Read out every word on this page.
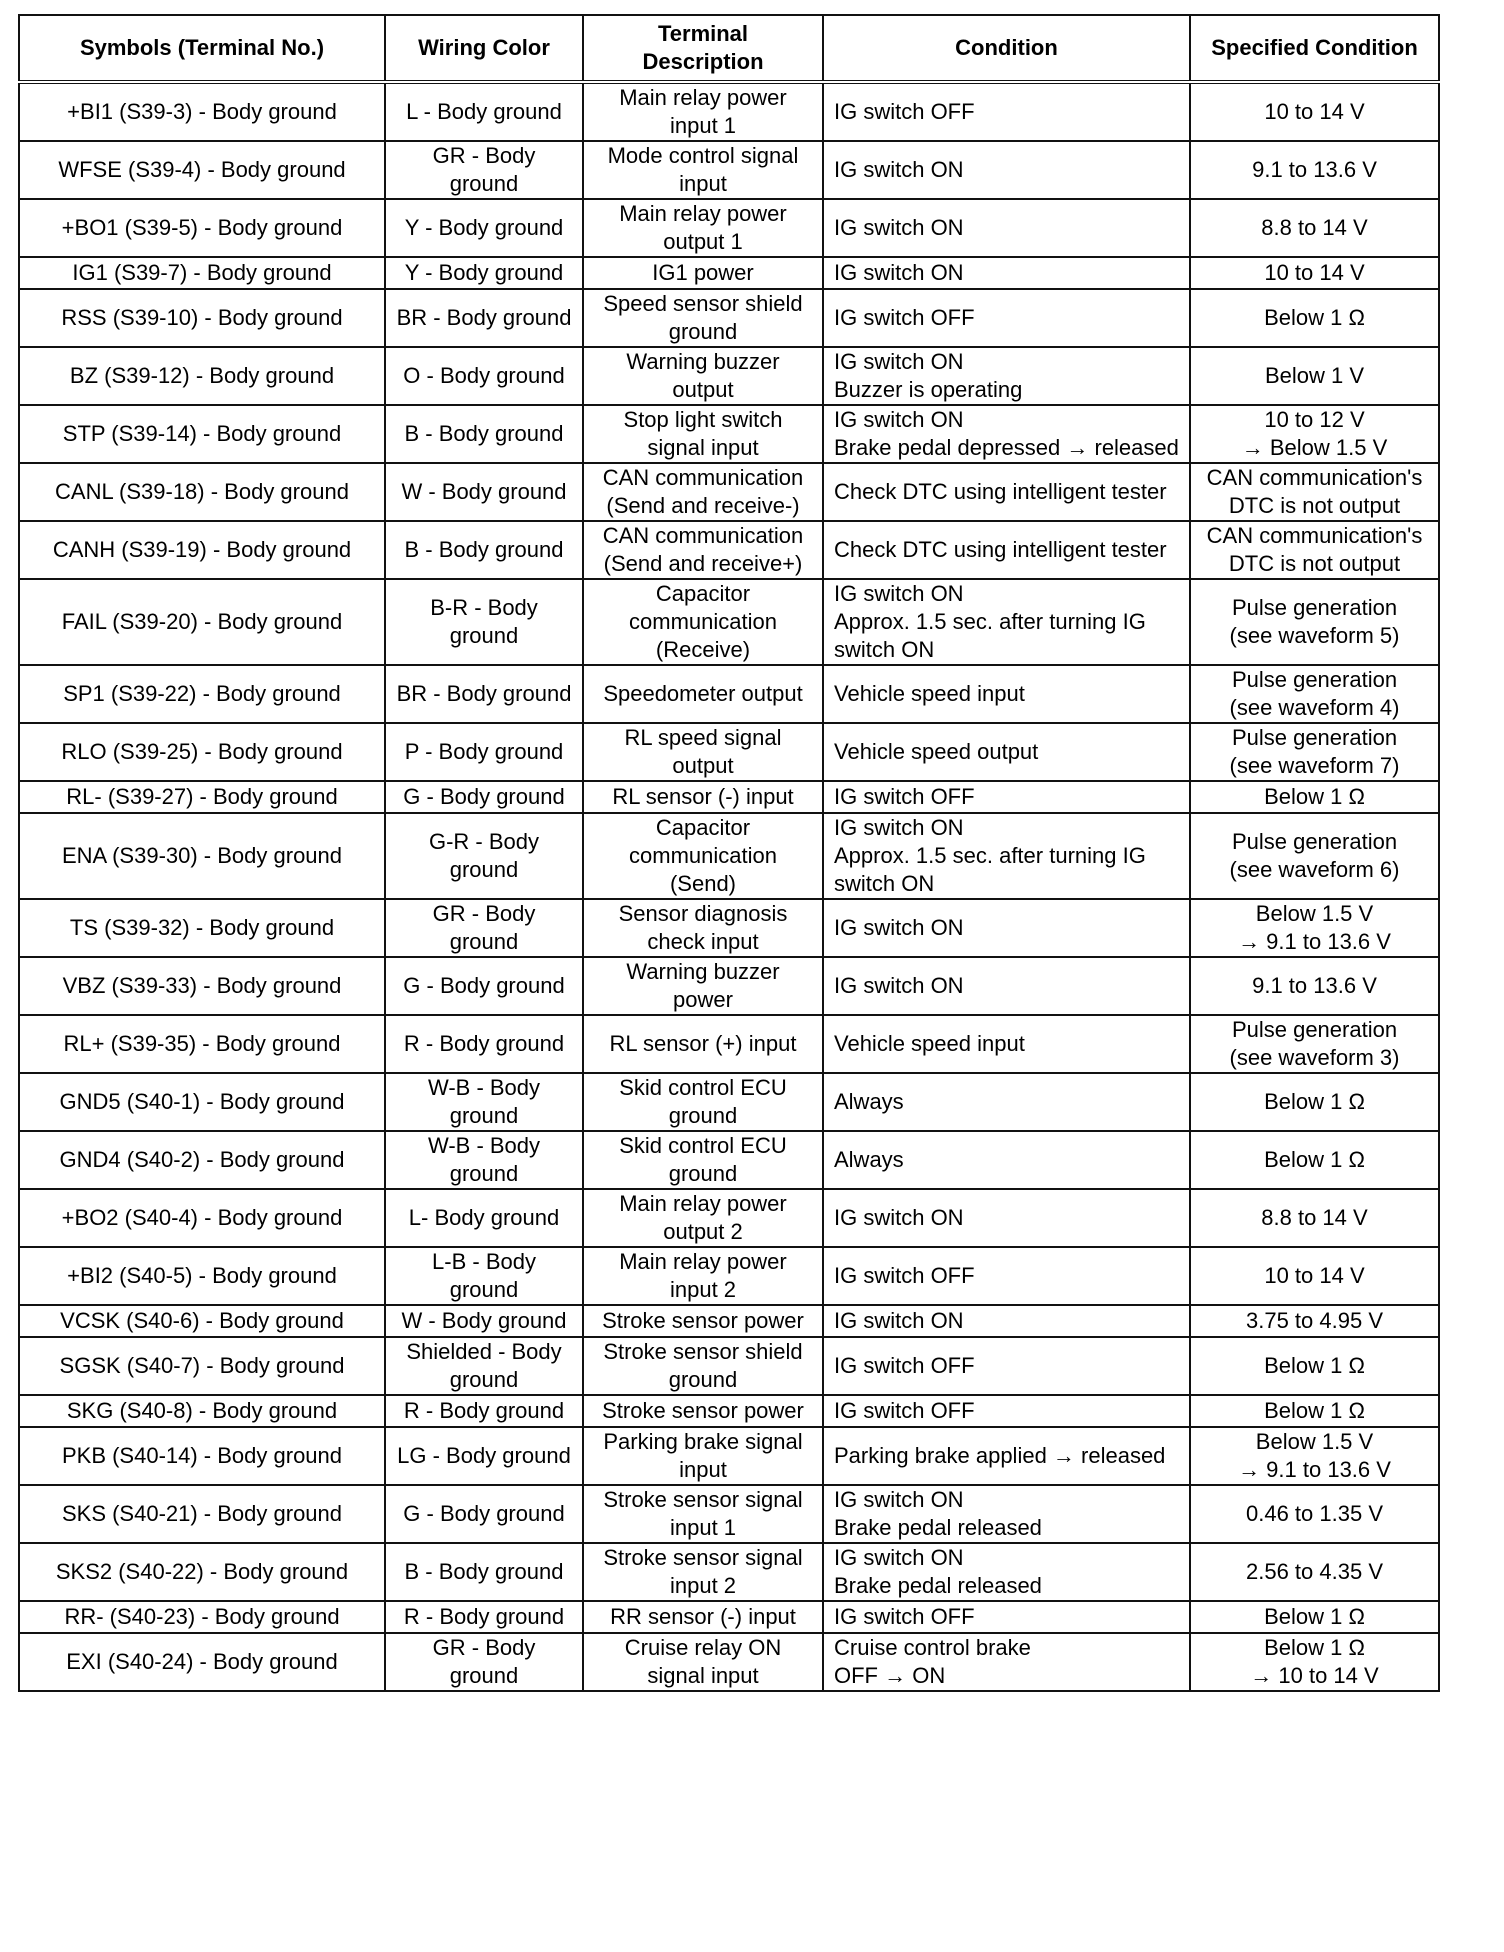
Symbols (Terminal No.)	Wiring Color	Terminal
Description	Condition	Specified Condition

+BI1 (S39-3) - Body ground	L - Body ground	Main relay power
input 1	IG switch OFF	10 to 14 V

WFSE (S39-4) - Body ground	GR - Body
ground	Mode control signal
input	IG switch ON	9.1 to 13.6 V

+BO1 (S39-5) - Body ground	Y - Body ground	Main relay power
output 1	IG switch ON	8.8 to 14 V

IG1 (S39-7) - Body ground	Y - Body ground	IG1 power	IG switch ON	10 to 14 V

RSS (S39-10) - Body ground	BR - Body ground	Speed sensor shield
ground	IG switch OFF	Below 1 Ω

BZ (S39-12) - Body ground	O - Body ground	Warning buzzer
output	IG switch ON
Buzzer is operating	Below 1 V

STP (S39-14) - Body ground	B - Body ground	Stop light switch
signal input	IG switch ON
Brake pedal depressed → released	10 to 12 V
→ Below 1.5 V

CANL (S39-18) - Body ground	W - Body ground	CAN communication
(Send and receive-)	Check DTC using intelligent tester	CAN communication's
DTC is not output

CANH (S39-19) - Body ground	B - Body ground	CAN communication
(Send and receive+)	Check DTC using intelligent tester	CAN communication's
DTC is not output

FAIL (S39-20) - Body ground	B-R - Body
ground	Capacitor
communication
(Receive)	IG switch ON
Approx. 1.5 sec. after turning IG
switch ON	Pulse generation
(see waveform 5)

SP1 (S39-22) - Body ground	BR - Body ground	Speedometer output	Vehicle speed input	Pulse generation
(see waveform 4)

RLO (S39-25) - Body ground	P - Body ground	RL speed signal
output	Vehicle speed output	Pulse generation
(see waveform 7)

RL- (S39-27) - Body ground	G - Body ground	RL sensor (-) input	IG switch OFF	Below 1 Ω

ENA (S39-30) - Body ground	G-R - Body
ground	Capacitor
communication
(Send)	IG switch ON
Approx. 1.5 sec. after turning IG
switch ON	Pulse generation
(see waveform 6)

TS (S39-32) - Body ground	GR - Body
ground	Sensor diagnosis
check input	IG switch ON	Below 1.5 V
→ 9.1 to 13.6 V

VBZ (S39-33) - Body ground	G - Body ground	Warning buzzer
power	IG switch ON	9.1 to 13.6 V

RL+ (S39-35) - Body ground	R - Body ground	RL sensor (+) input	Vehicle speed input	Pulse generation
(see waveform 3)

GND5 (S40-1) - Body ground	W-B - Body
ground	Skid control ECU
ground	Always	Below 1 Ω

GND4 (S40-2) - Body ground	W-B - Body
ground	Skid control ECU
ground	Always	Below 1 Ω

+BO2 (S40-4) - Body ground	L- Body ground	Main relay power
output 2	IG switch ON	8.8 to 14 V

+BI2 (S40-5) - Body ground	L-B - Body
ground	Main relay power
input 2	IG switch OFF	10 to 14 V

VCSK (S40-6) - Body ground	W - Body ground	Stroke sensor power	IG switch ON	3.75 to 4.95 V

SGSK (S40-7) - Body ground	Shielded - Body
ground	Stroke sensor shield
ground	IG switch OFF	Below 1 Ω

SKG (S40-8) - Body ground	R - Body ground	Stroke sensor power	IG switch OFF	Below 1 Ω

PKB (S40-14) - Body ground	LG - Body ground	Parking brake signal
input	Parking brake applied → released	Below 1.5 V
→ 9.1 to 13.6 V

SKS (S40-21) - Body ground	G - Body ground	Stroke sensor signal
input 1	IG switch ON
Brake pedal released	0.46 to 1.35 V

SKS2 (S40-22) - Body ground	B - Body ground	Stroke sensor signal
input 2	IG switch ON
Brake pedal released	2.56 to 4.35 V

RR- (S40-23) - Body ground	R - Body ground	RR sensor (-) input	IG switch OFF	Below 1 Ω

EXI (S40-24) - Body ground	GR - Body
ground	Cruise relay ON
signal input	Cruise control brake
OFF → ON	Below 1 Ω
→ 10 to 14 V
